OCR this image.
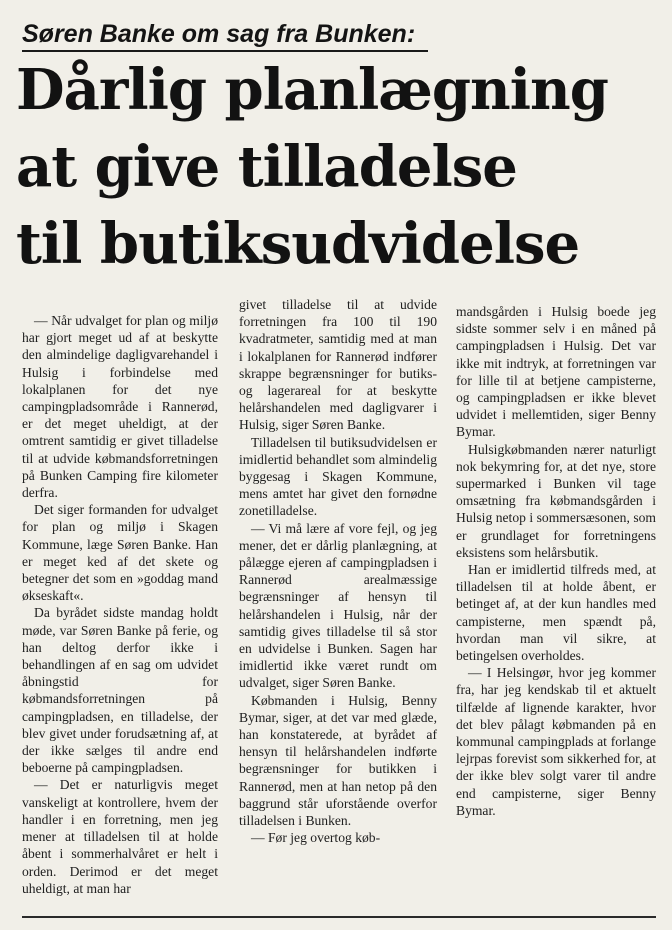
Søren Banke om sag fra Bunken:
Dårlig planlægning
at give tilladelse
til butiksudvidelse

— Når udvalget for plan og miljø har gjort meget ud af at beskytte den almindelige dagligvarehandel i Hulsig i forbindelse med lokalplanen for det nye campingpladsområde i Rannerød, er det meget uheldigt, at der omtrent samtidig er givet tilladelse til at udvide købmandsforretningen på Bunken Camping fire kilometer derfra.

Det siger formanden for udvalget for plan og miljø i Skagen Kommune, læge Søren Banke. Han er meget ked af det skete og betegner det som en »goddag mand økseskaft«.

Da byrådet sidste mandag holdt møde, var Søren Banke på ferie, og han deltog derfor ikke i behandlingen af en sag om udvidet åbningstid for købmandsforretningen på campingpladsen, en tilladelse, der blev givet under forudsætning af, at der ikke sælges til andre end beboerne på campingpladsen.

— Det er naturligvis meget vanskeligt at kontrollere, hvem der handler i en forretning, men jeg mener at tilladelsen til at holde åbent i sommerhalvåret er helt i orden. Derimod er det meget uheldigt, at man har

givet tilladelse til at udvide forretningen fra 100 til 190 kvadratmeter, samtidig med at man i lokalplanen for Rannerød indfører skrappe begrænsninger for butiks- og lagerareal for at beskytte helårshandelen med dagligvarer i Hulsig, siger Søren Banke.

Tilladelsen til butiksudvidelsen er imidlertid behandlet som almindelig byggesag i Skagen Kommune, mens amtet har givet den fornødne zonetilladelse.

— Vi må lære af vore fejl, og jeg mener, det er dårlig planlægning, at pålægge ejeren af campingpladsen i Rannerød arealmæssige begrænsninger af hensyn til helårshandelen i Hulsig, når der samtidig gives tilladelse til så stor en udvidelse i Bunken. Sagen har imidlertid ikke været rundt om udvalget, siger Søren Banke.

Købmanden i Hulsig, Benny Bymar, siger, at det var med glæde, han konstaterede, at byrådet af hensyn til helårshandelen indførte begrænsninger for butikken i Rannerød, men at han netop på den baggrund står uforstående overfor tilladelsen i Bunken.

— Før jeg overtog køb-

mandsgården i Hulsig boede jeg sidste sommer selv i en måned på campingpladsen i Hulsig. Det var ikke mit indtryk, at forretningen var for lille til at betjene campisterne, og campingpladsen er ikke blevet udvidet i mellemtiden, siger Benny Bymar.

Hulsigkøbmanden nærer naturligt nok bekymring for, at det nye, store supermarked i Bunken vil tage omsætning fra købmandsgården i Hulsig netop i sommersæsonen, som er grundlaget for forretningens eksistens som helårsbutik.

Han er imidlertid tilfreds med, at tilladelsen til at holde åbent, er betinget af, at der kun handles med campisterne, men spændt på, hvordan man vil sikre, at betingelsen overholdes.

— I Helsingør, hvor jeg kommer fra, har jeg kendskab til et aktuelt tilfælde af lignende karakter, hvor det blev pålagt købmanden på en kommunal campingplads at forlange lejrpas forevist som sikkerhed for, at der ikke blev solgt varer til andre end campisterne, siger Benny Bymar.
